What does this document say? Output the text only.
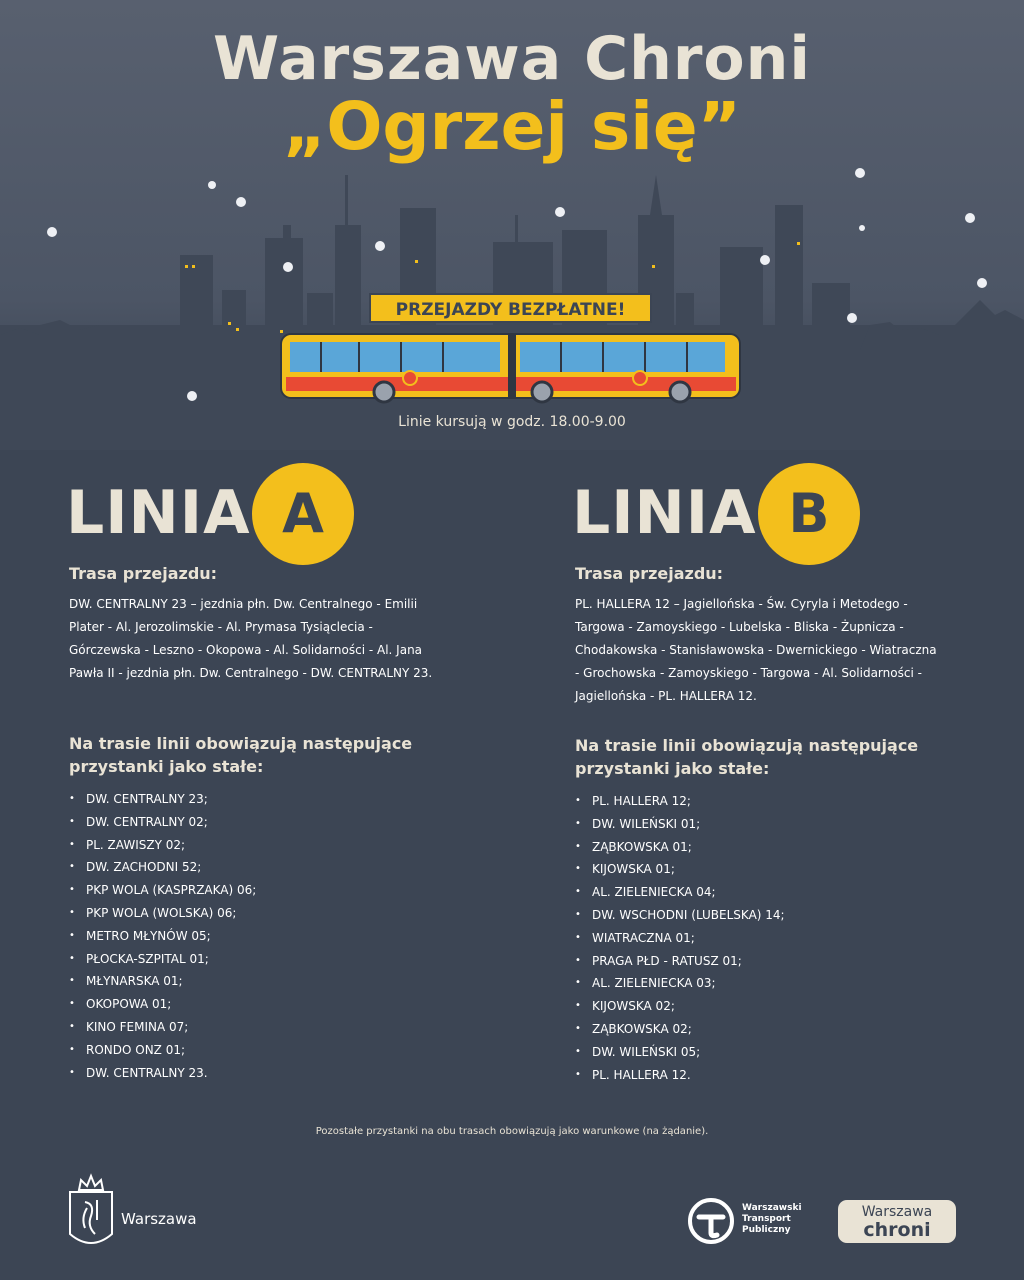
Warszawa Chroni
„Ogrzej się”
PRZEJAZDY BEZPŁATNE!
Linie kursują w godz. 18.00-9.00
LINIA A
Trasa przejazdu:
DW. CENTRALNY 23 – jezdnia płn. Dw. Centralnego - Emilii
Plater - Al. Jerozolimskie - Al. Prymasa Tysiąclecia -
Górczewska - Leszno - Okopowa - Al. Solidarności - Al. Jana
Pawła II - jezdnia płn. Dw. Centralnego - DW. CENTRALNY 23.
Na trasie linii obowiązują następujące
przystanki jako stałe:
• DW. CENTRALNY 23;
• DW. CENTRALNY 02;
• PL. ZAWISZY 02;
• DW. ZACHODNI 52;
• PKP WOLA (KASPRZAKA) 06;
• PKP WOLA (WOLSKA) 06;
• METRO MŁYNÓW 05;
• PŁOCKA-SZPITAL 01;
• MŁYNARSKA 01;
• OKOPOWA 01;
• KINO FEMINA 07;
• RONDO ONZ 01;
• DW. CENTRALNY 23.
LINIA B
Trasa przejazdu:
PL. HALLERA 12 – Jagiellońska - Św. Cyryla i Metodego -
Targowa - Zamoyskiego - Lubelska - Bliska - Żupnicza -
Chodakowska - Stanisławowska - Dwernickiego - Wiatraczna
- Grochowska - Zamoyskiego - Targowa - Al. Solidarności -
Jagiellońska - PL. HALLERA 12.
Na trasie linii obowiązują następujące
przystanki jako stałe:
• PL. HALLERA 12;
• DW. WILEŃSKI 01;
• ZĄBKOWSKA 01;
• KIJOWSKA 01;
• AL. ZIELENIECKA 04;
• DW. WSCHODNI (LUBELSKA) 14;
• WIATRACZNA 01;
• PRAGA PŁD - RATUSZ 01;
• AL. ZIELENIECKA 03;
• KIJOWSKA 02;
• ZĄBKOWSKA 02;
• DW. WILEŃSKI 05;
• PL. HALLERA 12.
Pozostałe przystanki na obu trasach obowiązują jako warunkowe (na żądanie).
Warszawa
Warszawski
Transport
Publiczny
Warszawa
chroni
